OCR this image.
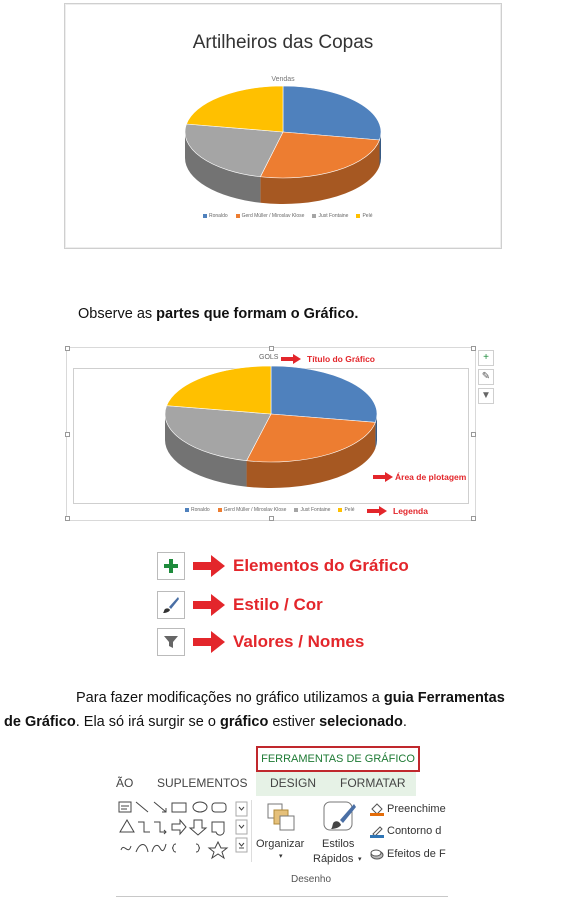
Artilheiros das Copas
Vendas
Ronaldo	Gerd Müller / Miroslav Klose	Just Fontaine	Pelé
Observe as partes que formam o Gráfico.
GOLS	Título do Gráfico
Área de plotagem
Ronaldo	Gerd Müller / Miroslav Klose	Just Fontaine	Pelé	Legenda
+
✎
▼
Elementos do Gráfico
Estilo / Cor
Valores / Nomes
Para fazer modificações no gráfico utilizamos a guia Ferramentas
de Gráfico. Ela só irá surgir se o gráfico estiver selecionado.
FERRAMENTAS DE GRÁFICO
ÃO SUPLEMENTOS DESIGN FORMATAR
Organizar
▾
Estilos
Rápidos ▾
Preenchime
Contorno d
Efeitos de F
Desenho
